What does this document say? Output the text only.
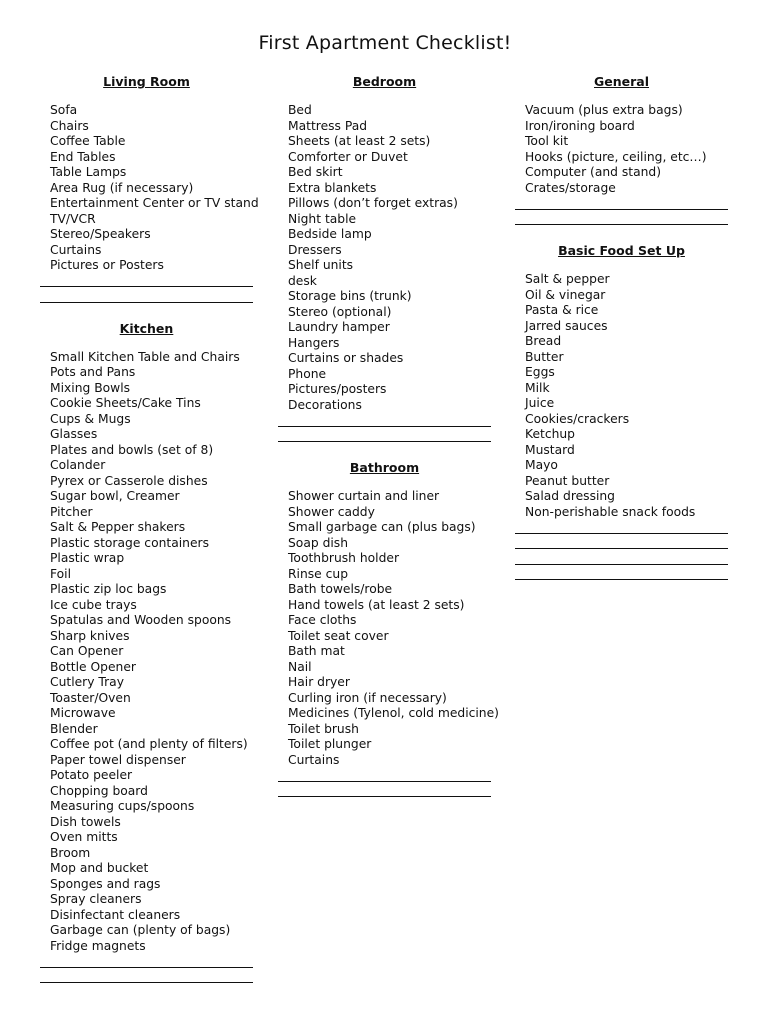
First Apartment Checklist!
Living Room
Sofa
Chairs
Coffee Table
End Tables
Table Lamps
Area Rug (if necessary)
Entertainment Center or TV stand
TV/VCR
Stereo/Speakers
Curtains
Pictures or Posters
Kitchen
Small Kitchen Table and Chairs
Pots and Pans
Mixing Bowls
Cookie Sheets/Cake Tins
Cups & Mugs
Glasses
Plates and bowls (set of 8)
Colander
Pyrex or Casserole dishes
Sugar bowl, Creamer
Pitcher
Salt & Pepper shakers
Plastic storage containers
Plastic wrap
Foil
Plastic zip loc bags
Ice cube trays
Spatulas and Wooden spoons
Sharp knives
Can Opener
Bottle Opener
Cutlery Tray
Toaster/Oven
Microwave
Blender
Coffee pot (and plenty of filters)
Paper towel dispenser
Potato peeler
Chopping board
Measuring cups/spoons
Dish towels
Oven mitts
Broom
Mop and bucket
Sponges and rags
Spray cleaners
Disinfectant cleaners
Garbage can (plenty of bags)
Fridge magnets
Bedroom
Bed
Mattress Pad
Sheets (at least 2 sets)
Comforter or Duvet
Bed skirt
Extra blankets
Pillows (don’t forget extras)
Night table
Bedside lamp
Dressers
Shelf units
desk
Storage bins (trunk)
Stereo (optional)
Laundry hamper
Hangers
Curtains or shades
Phone
Pictures/posters
Decorations
Bathroom
Shower curtain and liner
Shower caddy
Small garbage can (plus bags)
Soap dish
Toothbrush holder
Rinse cup
Bath towels/robe
Hand towels (at least 2 sets)
Face cloths
Toilet seat cover
Bath mat
Nail
Hair dryer
Curling iron (if necessary)
Medicines (Tylenol, cold medicine)
Toilet brush
Toilet plunger
Curtains
General
Vacuum (plus extra bags)
Iron/ironing board
Tool kit
Hooks (picture, ceiling, etc…)
Computer (and stand)
Crates/storage
Basic Food Set Up
Salt & pepper
Oil & vinegar
Pasta & rice
Jarred sauces
Bread
Butter
Eggs
Milk
Juice
Cookies/crackers
Ketchup
Mustard
Mayo
Peanut butter
Salad dressing
Non-perishable snack foods
